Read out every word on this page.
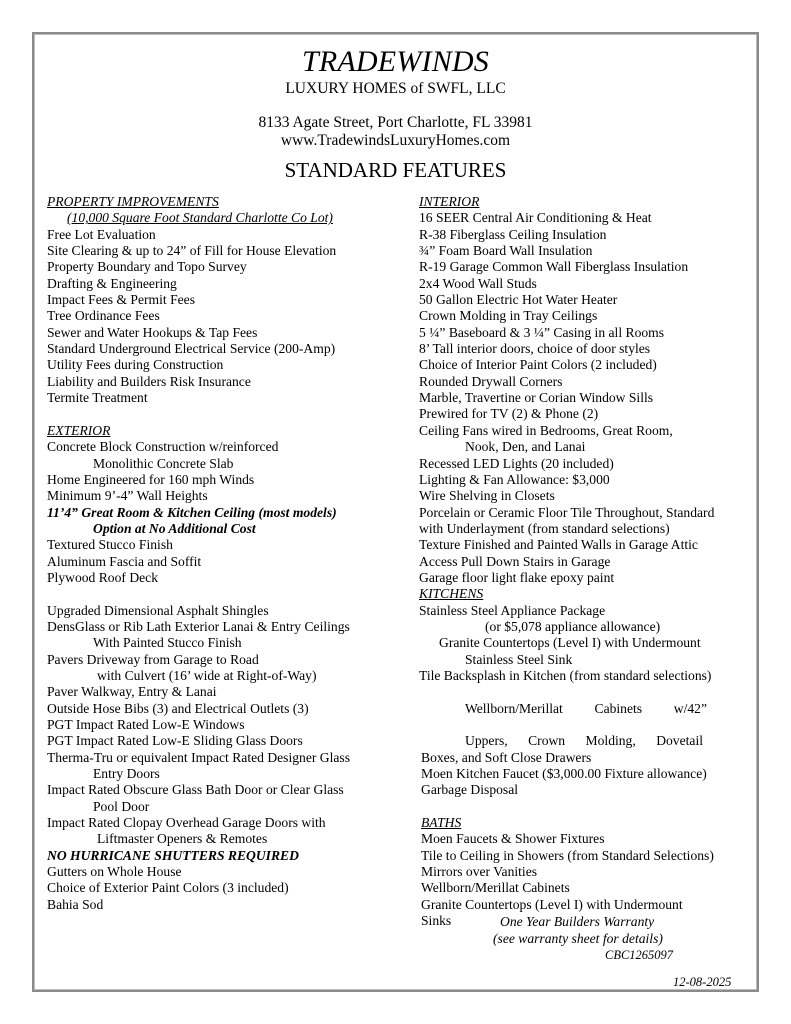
TRADEWINDS
LUXURY HOMES of SWFL, LLC
8133 Agate Street, Port Charlotte, FL 33981
www.TradewindsLuxuryHomes.com
STANDARD FEATURES
PROPERTY IMPROVEMENTS
(10,000 Square Foot Standard Charlotte Co Lot)
Free Lot Evaluation
Site Clearing & up to 24” of Fill for House Elevation
Property Boundary and Topo Survey
Drafting & Engineering
Impact Fees & Permit Fees
Tree Ordinance Fees
Sewer and Water Hookups & Tap Fees
Standard Underground Electrical Service (200-Amp)
Utility Fees during Construction
Liability and Builders Risk Insurance
Termite Treatment
EXTERIOR
Concrete Block Construction w/reinforced
Monolithic Concrete Slab
Home Engineered for 160 mph Winds
Minimum 9’-4” Wall Heights
11’4” Great Room & Kitchen Ceiling (most models)
Option at No Additional Cost
Textured Stucco Finish
Aluminum Fascia and Soffit
Plywood Roof Deck
Upgraded Dimensional Asphalt Shingles
DensGlass or Rib Lath Exterior Lanai & Entry Ceilings
With Painted Stucco Finish
Pavers Driveway from Garage to Road
with Culvert (16’ wide at Right-of-Way)
Paver Walkway, Entry & Lanai
Outside Hose Bibs (3) and Electrical Outlets (3)
PGT Impact Rated Low-E Windows
PGT Impact Rated Low-E Sliding Glass Doors
Therma-Tru or equivalent Impact Rated Designer Glass
Entry Doors
Impact Rated Obscure Glass Bath Door or Clear Glass
Pool Door
Impact Rated Clopay Overhead Garage Doors with
Liftmaster Openers & Remotes
NO HURRICANE SHUTTERS REQUIRED
Gutters on Whole House
Choice of Exterior Paint Colors (3 included)
Bahia Sod
INTERIOR
16 SEER Central Air Conditioning & Heat
R-38 Fiberglass Ceiling Insulation
¾” Foam Board Wall Insulation
R-19 Garage Common Wall Fiberglass Insulation
2x4 Wood Wall Studs
50 Gallon Electric Hot Water Heater
Crown Molding in Tray Ceilings
5 ¼” Baseboard & 3 ¼” Casing in all Rooms
8’ Tall interior doors, choice of door styles
Choice of Interior Paint Colors (2 included)
Rounded Drywall Corners
Marble, Travertine or Corian Window Sills
Prewired for TV (2) & Phone (2)
Ceiling Fans wired in Bedrooms, Great Room,
Nook, Den, and Lanai
Recessed LED Lights (20 included)
Lighting & Fan Allowance: $3,000
Wire Shelving in Closets
Porcelain or Ceramic Floor Tile Throughout, Standard
with Underlayment (from standard selections)
Texture Finished and Painted Walls in Garage Attic
Access Pull Down Stairs in Garage
Garage floor light flake epoxy paint
KITCHENS
Stainless Steel Appliance Package
(or $5,078 appliance allowance)
Granite Countertops (Level I) with Undermount
Stainless Steel Sink
Tile Backsplash in Kitchen (from standard selections)
Wellborn/Merillat Cabinets w/42”
Uppers, Crown Molding, Dovetail
Boxes, and Soft Close Drawers
Moen Kitchen Faucet ($3,000.00 Fixture allowance)
Garbage Disposal
BATHS
Moen Faucets & Shower Fixtures
Tile to Ceiling in Showers (from Standard Selections)
Mirrors over Vanities
Wellborn/Merillat Cabinets
Granite Countertops (Level I) with Undermount
Sinks	One Year Builders Warranty
(see warranty sheet for details)
CBC1265097
12-08-2025
